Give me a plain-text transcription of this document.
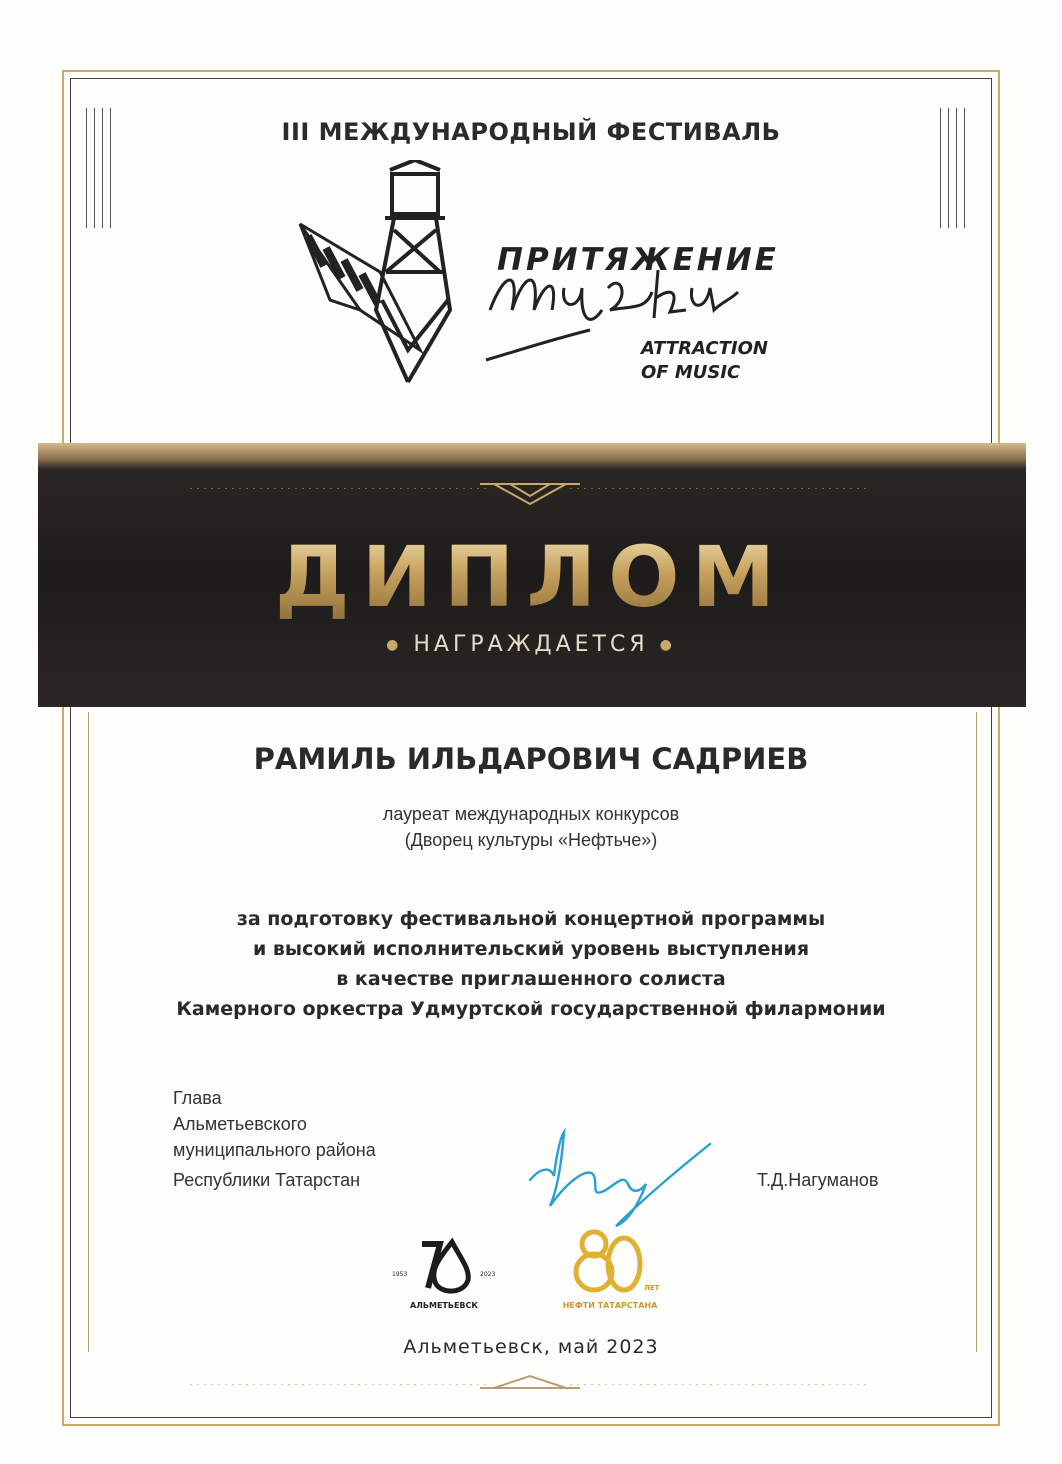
III МЕЖДУНАРОДНЫЙ ФЕСТИВАЛЬ
ПРИТЯЖЕНИЕ
ATTRACTION
OF MUSIC
ДИПЛОМ
● НАГРАЖДАЕТСЯ ●
РАМИЛЬ ИЛЬДАРОВИЧ САДРИЕВ
лауреат международных конкурсов
(Дворец культуры «Нефтьче»)
за подготовку фестивальной концертной программы
и высокий исполнительский уровень выступления
в качестве приглашенного солиста
Камерного оркестра Удмуртской государственной филармонии
Глава
Альметьевского
муниципального района
Республики Татарстан	Т.Д.Нагуманов
1953	2023
АЛЬМЕТЬЕВСК
ЛЕТ
НЕФТИ ТАТАРСТАНА
Альметьевск, май 2023
